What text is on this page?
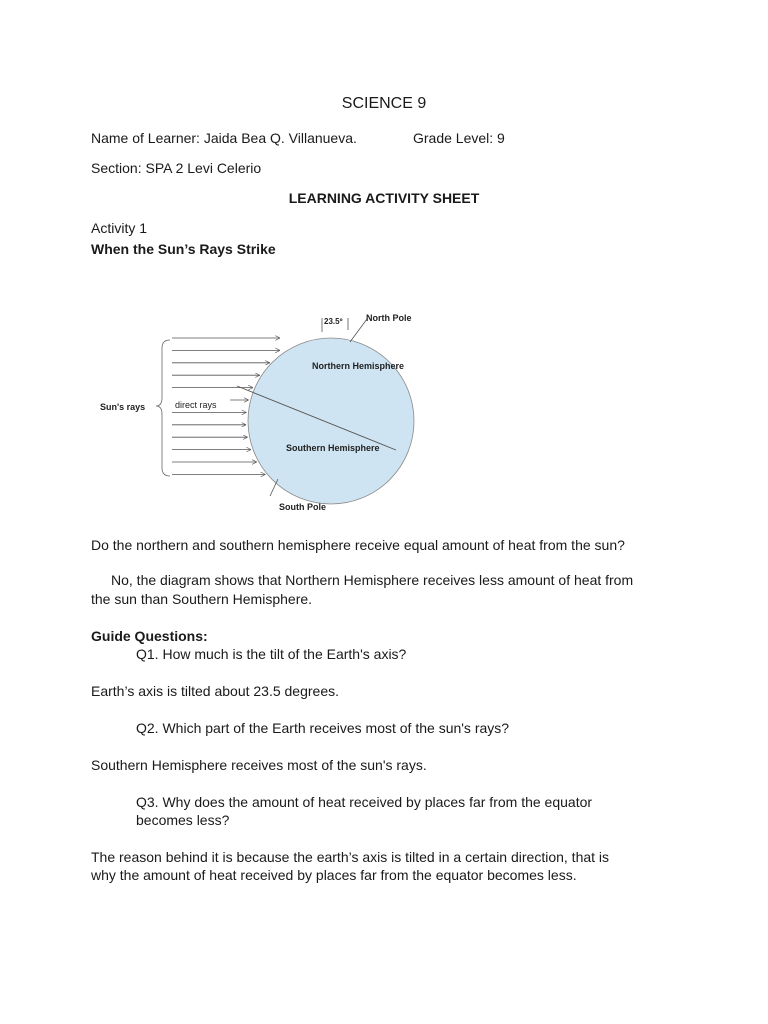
SCIENCE 9
Name of Learner: Jaida Bea Q. Villanueva.	Grade Level: 9
Section: SPA 2 Levi Celerio
LEARNING ACTIVITY SHEET
Activity 1
When the Sun’s Rays Strike
Sun's rays	direct rays
23.5º	North Pole
Northern Hemisphere
Southern Hemisphere
South Pole
Do the northern and southern hemisphere receive equal amount of heat from the sun?
No, the diagram shows that Northern Hemisphere receives less amount of heat from
the sun than Southern Hemisphere.
Guide Questions:
Q1. How much is the tilt of the Earth's axis?
Earth’s axis is tilted about 23.5 degrees.
Q2. Which part of the Earth receives most of the sun's rays?
Southern Hemisphere receives most of the sun's rays.
Q3. Why does the amount of heat received by places far from the equator
becomes less?
The reason behind it is because the earth’s axis is tilted in a certain direction, that is
why the amount of heat received by places far from the equator becomes less.
